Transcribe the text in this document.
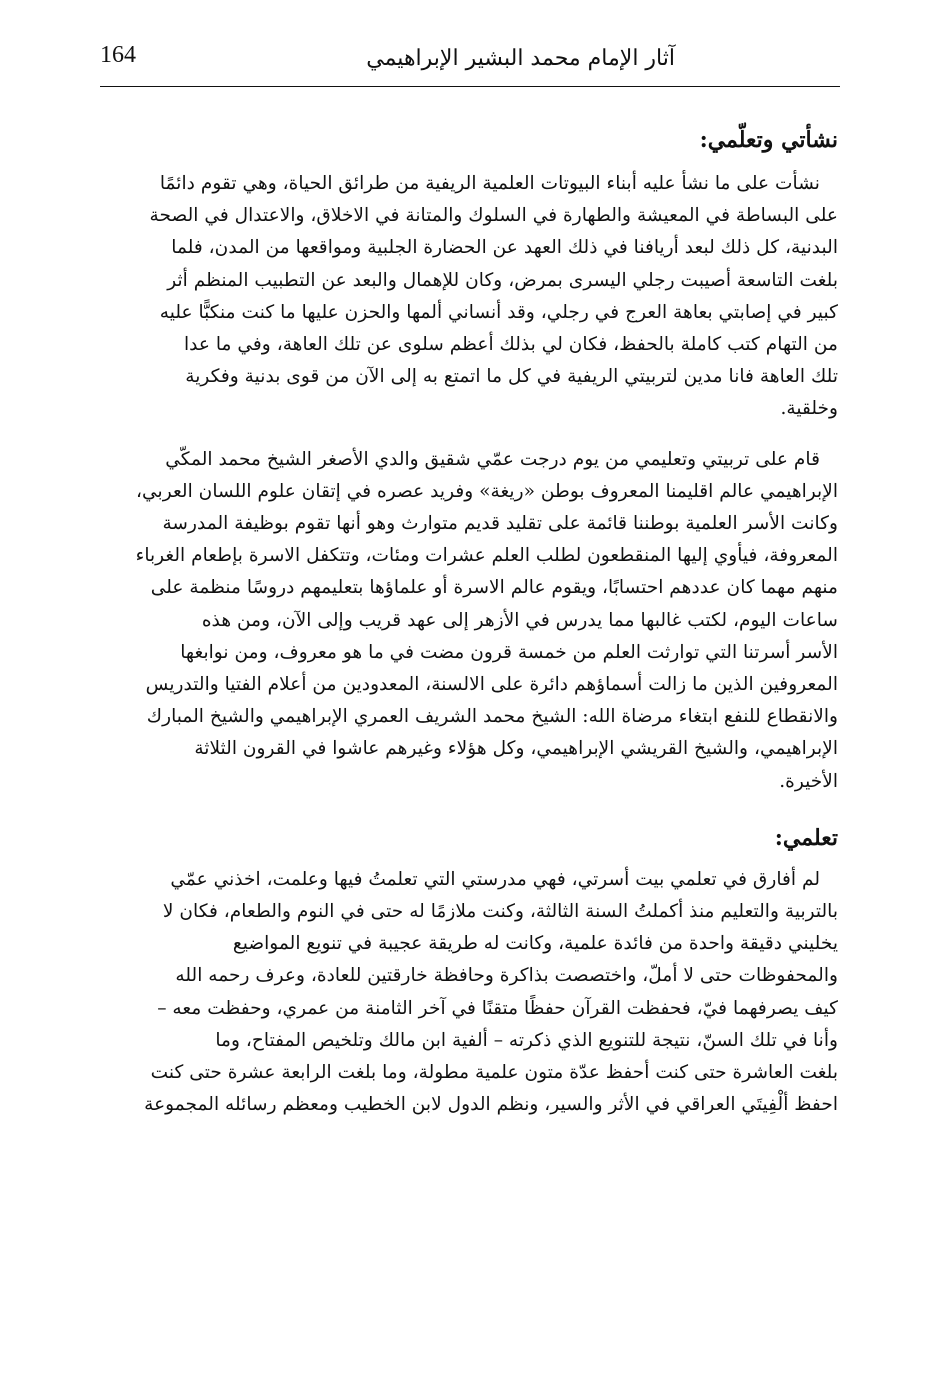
164	آثار الإمام محمد البشير الإبراهيمي
نشأتي وتعلّمي:

نشأت على ما نشأ عليه أبناء البيوتات العلمية الريفية من طرائق الحياة، وهي تقوم دائمًا
على البساطة في المعيشة والطهارة في السلوك والمتانة في الاخلاق، والاعتدال في الصحة
البدنية، كل ذلك لبعد أريافنا في ذلك العهد عن الحضارة الجلبية ومواقعها من المدن، فلما
بلغت التاسعة أصيبت رجلي اليسرى بمرض، وكان للإهمال والبعد عن التطبيب المنظم أثر
كبير في إصابتي بعاهة العرج في رجلي، وقد أنساني ألمها والحزن عليها ما كنت منكبًّا عليه
من التهام كتب كاملة بالحفظ، فكان لي بذلك أعظم سلوى عن تلك العاهة، وفي ما عدا
تلك العاهة فانا مدين لتربيتي الريفية في كل ما اتمتع به إلى الآن من قوى بدنية وفكرية
وخلقية.

قام على تربيتي وتعليمي من يوم درجت عمّي شقيق والدي الأصغر الشيخ محمد المكّي
الإبراهيمي عالم اقليمنا المعروف بوطن «ريغة» وفريد عصره في إتقان علوم اللسان العربي،
وكانت الأسر العلمية بوطننا قائمة على تقليد قديم متوارث وهو أنها تقوم بوظيفة المدرسة
المعروفة، فيأوي إليها المنقطعون لطلب العلم عشرات ومئات، وتتكفل الاسرة بإطعام الغرباء
منهم مهما كان عددهم احتسابًا، ويقوم عالم الاسرة أو علماؤها بتعليمهم دروسًا منظمة على
ساعات اليوم، لكتب غالبها مما يدرس في الأزهر إلى عهد قريب وإلى الآن، ومن هذه
الأسر أسرتنا التي توارثت العلم من خمسة قرون مضت في ما هو معروف، ومن نوابغها
المعروفين الذين ما زالت أسماؤهم دائرة على الالسنة، المعدودين من أعلام الفتيا والتدريس
والانقطاع للنفع ابتغاء مرضاة الله: الشيخ محمد الشريف العمري الإبراهيمي والشيخ المبارك
الإبراهيمي، والشيخ القريشي الإبراهيمي، وكل هؤلاء وغيرهم عاشوا في القرون الثلاثة
الأخيرة.

تعلمي:

لم أفارق في تعلمي بيت أسرتي، فهي مدرستي التي تعلمتُ فيها وعلمت، اخذني عمّي
بالتربية والتعليم منذ أكملتُ السنة الثالثة، وكنت ملازمًا له حتى في النوم والطعام، فكان لا
يخليني دقيقة واحدة من فائدة علمية، وكانت له طريقة عجيبة في تنويع المواضيع
والمحفوظات حتى لا أملّ، واختصصت بذاكرة وحافظة خارقتين للعادة، وعرف رحمه الله
كيف يصرفهما فيّ، فحفظت القرآن حفظًا متقنًا في آخر الثامنة من عمري، وحفظت معه –
وأنا في تلك السنّ، نتيجة للتنويع الذي ذكرته – ألفية ابن مالك وتلخيص المفتاح، وما
بلغت العاشرة حتى كنت أحفظ عدّة متون علمية مطولة، وما بلغت الرابعة عشرة حتى كنت
احفظ ألْفِيتَي العراقي في الأثر والسير، ونظم الدول لابن الخطيب ومعظم رسائله المجموعة
